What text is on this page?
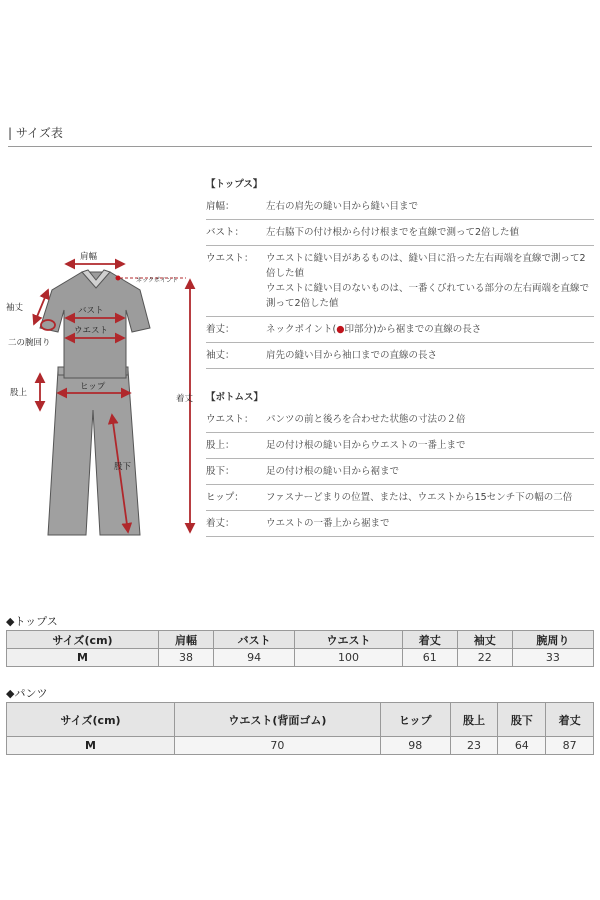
| サイズ表
肩幅
ネックポイント
袖丈	バスト
ウエスト
二の腕回り
着丈
ヒップ
股上
股下
【トップス】
肩幅：	左右の肩先の縫い目から縫い目まで
バスト：	左右脇下の付け根から付け根までを直線で測って2倍した値
ウエスト：	ウエストに縫い目があるものは、縫い目に沿った左右両端を直線で測って2倍した値
ウエストに縫い目のないものは、一番くびれている部分の左右両端を直線で測って2倍した値
着丈：	ネックポイント(●印部分)から裾までの直線の長さ
袖丈：	肩先の縫い目から袖口までの直線の長さ
【ボトムス】
ウエスト：	パンツの前と後ろを合わせた状態の寸法の２倍
股上：	足の付け根の縫い目からウエストの一番上まで
股下：	足の付け根の縫い目から裾まで
ヒップ：	ファスナーどまりの位置、または、ウエストから15センチ下の幅の二倍
着丈：	ウエストの一番上から裾まで
◆トップス
サイズ(cm)	肩幅	バスト	ウエスト	着丈	袖丈	腕周り
M	38	94	100	61	22	33
◆パンツ
サイズ(cm)	ウエスト(背面ゴム)	ヒップ	股上	股下	着丈
M	70	98	23	64	87
